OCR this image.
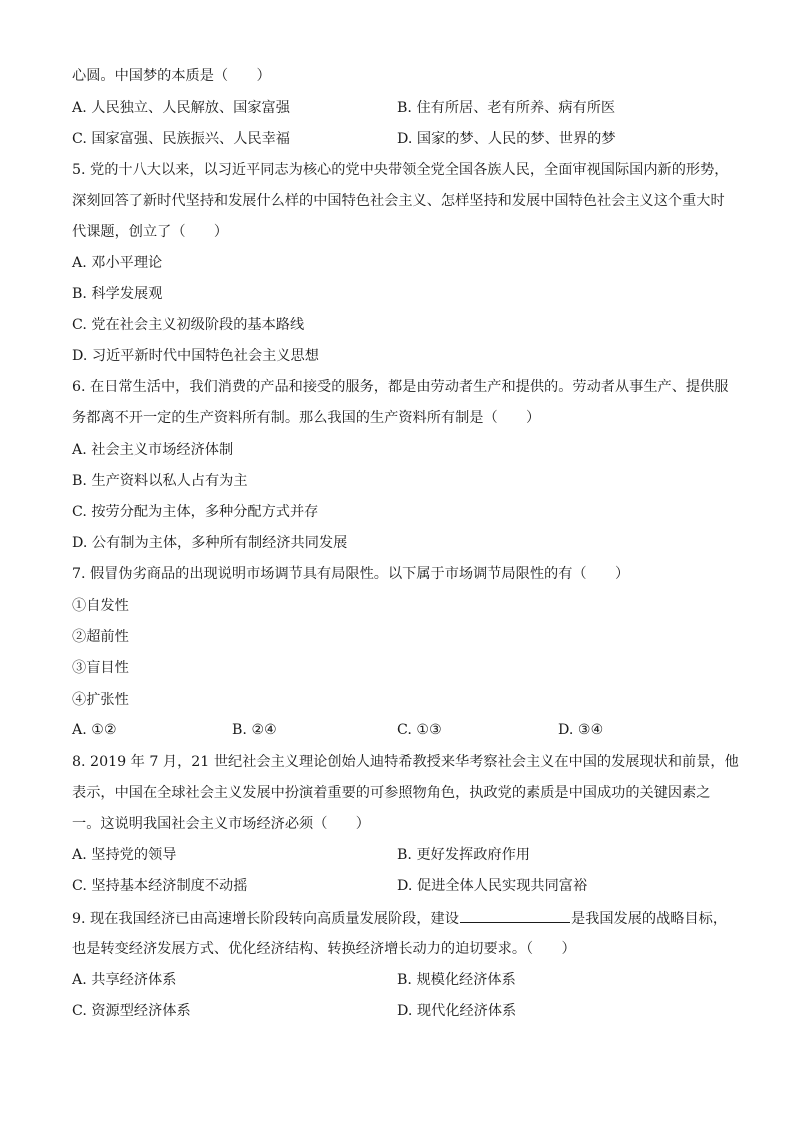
心圆。中国梦的本质是（　　）
A. 人民独立、人民解放、国家富强	B. 住有所居、老有所养、病有所医
C. 国家富强、民族振兴、人民幸福	D. 国家的梦、人民的梦、世界的梦
5. 党的十八大以来，以习近平同志为核心的党中央带领全党全国各族人民，全面审视国际国内新的形势，
深刻回答了新时代坚持和发展什么样的中国特色社会主义、怎样坚持和发展中国特色社会主义这个重大时
代课题，创立了（　　）
A. 邓小平理论
B. 科学发展观
C. 党在社会主义初级阶段的基本路线
D. 习近平新时代中国特色社会主义思想
6. 在日常生活中，我们消费的产品和接受的服务，都是由劳动者生产和提供的。劳动者从事生产、提供服
务都离不开一定的生产资料所有制。那么我国的生产资料所有制是（　　）
A. 社会主义市场经济体制
B. 生产资料以私人占有为主
C. 按劳分配为主体，多种分配方式并存
D. 公有制为主体，多种所有制经济共同发展
7. 假冒伪劣商品的出现说明市场调节具有局限性。以下属于市场调节局限性的有（　　）
①自发性
②超前性
③盲目性
④扩张性
A. ①②	B. ②④	C. ①③	D. ③④
8. 2019 年 7 月，21 世纪社会主义理论创始人迪特希教授来华考察社会主义在中国的发展现状和前景，他
表示，中国在全球社会主义发展中扮演着重要的可参照物角色，执政党的素质是中国成功的关键因素之
一。这说明我国社会主义市场经济必须（　　）
A. 坚持党的领导	B. 更好发挥政府作用
C. 坚持基本经济制度不动摇	D. 促进全体人民实现共同富裕
9. 现在我国经济已由高速增长阶段转向高质量发展阶段，建设	是我国发展的战略目标，
也是转变经济发展方式、优化经济结构、转换经济增长动力的迫切要求。（　　）
A. 共享经济体系	B. 规模化经济体系
C. 资源型经济体系	D. 现代化经济体系
